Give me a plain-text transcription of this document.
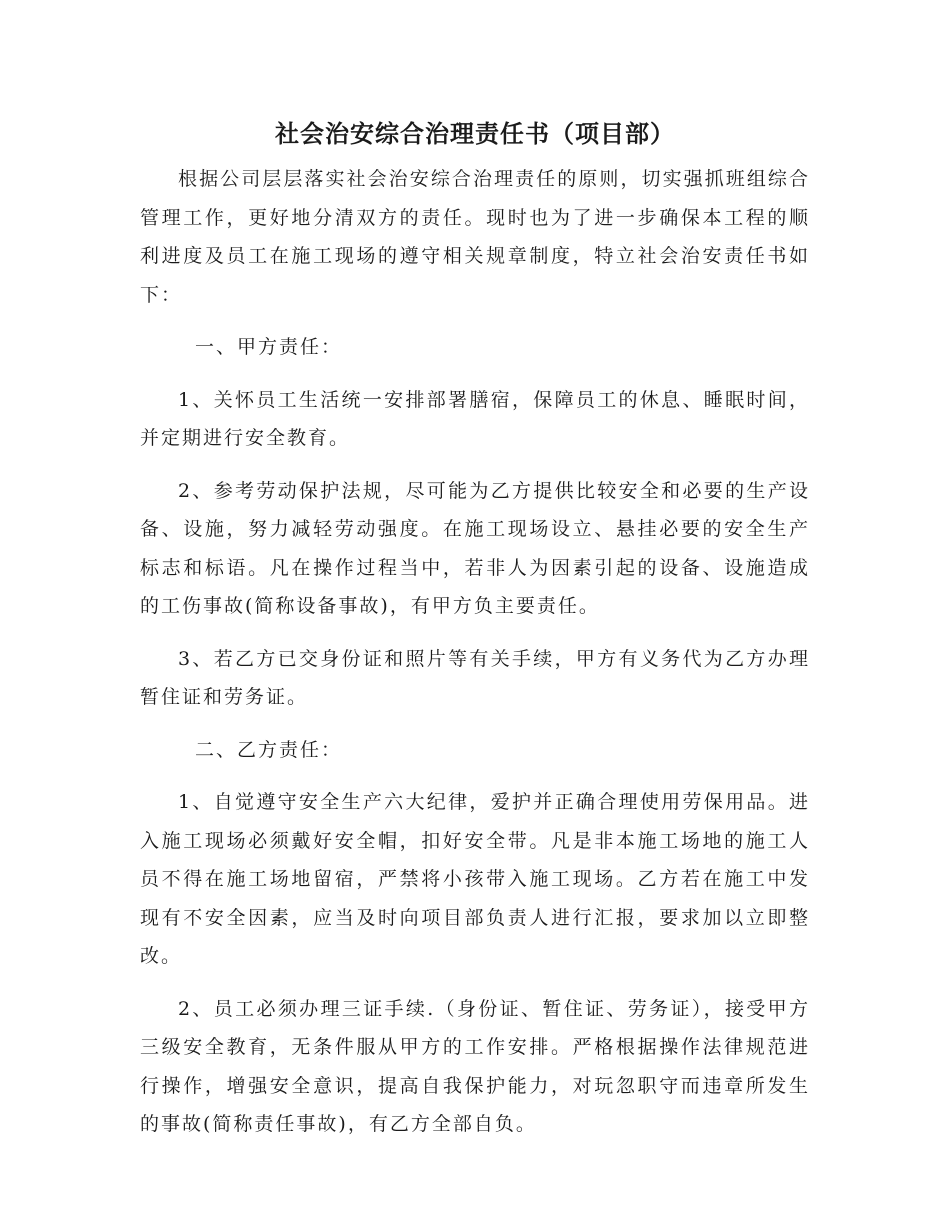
社会治安综合治理责任书（项目部）

根据公司层层落实社会治安综合治理责任的原则，切实强抓班组综合管理工作，更好地分清双方的责任。现时也为了进一步确保本工程的顺利进度及员工在施工现场的遵守相关规章制度，特立社会治安责任书如下：

一、甲方责任：

1、关怀员工生活统一安排部署膳宿，保障员工的休息、睡眠时间，并定期进行安全教育。

2、参考劳动保护法规，尽可能为乙方提供比较安全和必要的生产设备、设施，努力减轻劳动强度。在施工现场设立、悬挂必要的安全生产标志和标语。凡在操作过程当中，若非人为因素引起的设备、设施造成的工伤事故(简称设备事故)，有甲方负主要责任。

3、若乙方已交身份证和照片等有关手续，甲方有义务代为乙方办理暂住证和劳务证。

二、乙方责任：

1、自觉遵守安全生产六大纪律，爱护并正确合理使用劳保用品。进入施工现场必须戴好安全帽，扣好安全带。凡是非本施工场地的施工人员不得在施工场地留宿，严禁将小孩带入施工现场。乙方若在施工中发现有不安全因素，应当及时向项目部负责人进行汇报，要求加以立即整改。

2、员工必须办理三证手续.（身份证、暂住证、劳务证），接受甲方三级安全教育，无条件服从甲方的工作安排。严格根据操作法律规范进行操作，增强安全意识，提高自我保护能力，对玩忽职守而违章所发生的事故(简称责任事故)，有乙方全部自负。
